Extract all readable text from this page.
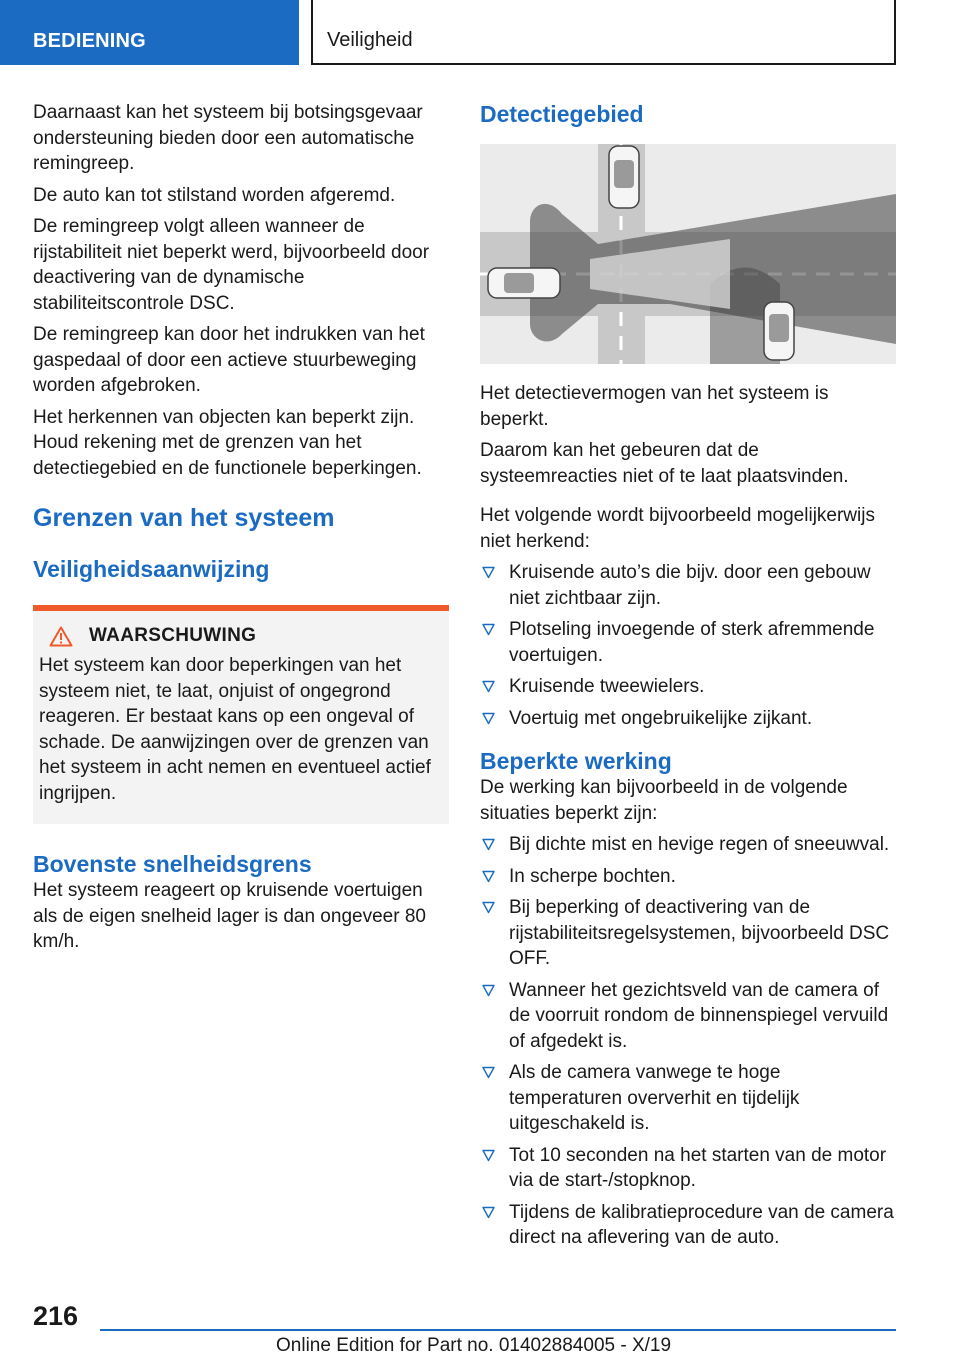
BEDIENING	Veiligheid

Daarnaast kan het systeem bij botsingsgevaar ondersteuning bieden door een automatische remingreep.

De auto kan tot stilstand worden afgeremd.

De remingreep volgt alleen wanneer de rijstabiliteit niet beperkt werd, bijvoorbeeld door deactivering van de dynamische stabiliteitscontrole DSC.

De remingreep kan door het indrukken van het gaspedaal of door een actieve stuurbeweging worden afgebroken.

Het herkennen van objecten kan beperkt zijn. Houd rekening met de grenzen van het detectiegebied en de functionele beperkingen.

Grenzen van het systeem
Veiligheidsaanwijzing
WAARSCHUWING

Het systeem kan door beperkingen van het systeem niet, te laat, onjuist of ongegrond reageren. Er bestaat kans op een ongeval of schade. De aanwijzingen over de grenzen van het systeem in acht nemen en eventueel actief ingrijpen.

Bovenste snelheidsgrens

Het systeem reageert op kruisende voertuigen als de eigen snelheid lager is dan ongeveer 80 km/h.

Detectiegebied

Het detectievermogen van het systeem is beperkt.

Daarom kan het gebeuren dat de systeemreacties niet of te laat plaatsvinden.

Het volgende wordt bijvoorbeeld mogelijkerwijs niet herkend:

Kruisende auto’s die bijv. door een gebouw niet zichtbaar zijn.
Plotseling invoegende of sterk afremmende voertuigen.
Kruisende tweewielers.
Voertuig met ongebruikelijke zijkant.
Beperkte werking

De werking kan bijvoorbeeld in de volgende situaties beperkt zijn:

Bij dichte mist en hevige regen of sneeuwval.
In scherpe bochten.
Bij beperking of deactivering van de rijstabiliteitsregelsystemen, bijvoorbeeld DSC OFF.
Wanneer het gezichtsveld van de camera of de voorruit rondom de binnenspiegel vervuild of afgedekt is.
Als de camera vanwege te hoge temperaturen oververhit en tijdelijk uitgeschakeld is.
Tot 10 seconden na het starten van de motor via de start-/stopknop.
Tijdens de kalibratieprocedure van de camera direct na aflevering van de auto.
216
Online Edition for Part no. 01402884005 - X/19
